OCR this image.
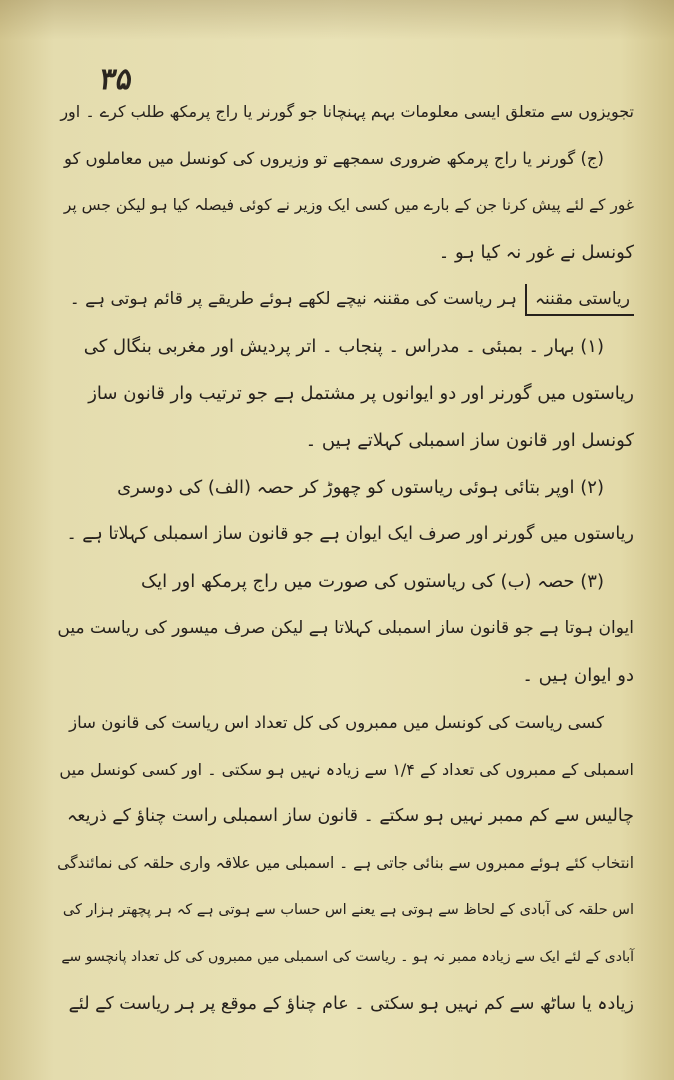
۳۵
تجویزوں سے متعلق ایسی معلومات بہم پہنچانا جو گورنر یا راج پرمکھ طلب کرے ۔ اور
(ج) گورنر یا راج پرمکھ ضروری سمجھے تو وزیروں کی کونسل میں معاملوں کو
غور کے لئے پیش کرنا جن کے بارے میں کسی ایک وزیر نے کوئی فیصلہ کیا ہو لیکن جس پر
کونسل نے غور نہ کیا ہو ۔
ریاستی مقننہہر ریاست کی مقننہ نیچے لکھے ہوئے طریقے پر قائم ہوتی ہے ۔
(۱) بہار ۔ بمبئی ۔ مدراس ۔ پنجاب ۔ اتر پردیش اور مغربی بنگال کی
ریاستوں میں گورنر اور دو ایوانوں پر مشتمل ہے جو ترتیب وار قانون ساز
کونسل اور قانون ساز اسمبلی کہلاتے ہیں ۔
(۲) اوپر بتائی ہوئی ریاستوں کو چھوڑ کر حصہ (الف) کی دوسری
ریاستوں میں گورنر اور صرف ایک ایوان ہے جو قانون ساز اسمبلی کہلاتا ہے ۔
(۳) حصہ (ب) کی ریاستوں کی صورت میں راج پرمکھ اور ایک
ایوان ہوتا ہے جو قانون ساز اسمبلی کہلاتا ہے لیکن صرف میسور کی ریاست میں
دو ایوان ہیں ۔
کسی ریاست کی کونسل میں ممبروں کی کل تعداد اس ریاست کی قانون ساز
اسمبلی کے ممبروں کی تعداد کے ۱/۴ سے زیادہ نہیں ہو سکتی ۔ اور کسی کونسل میں
چالیس سے کم ممبر نہیں ہو سکتے ۔ قانون ساز اسمبلی راست چناؤ کے ذریعہ
انتخاب کئے ہوئے ممبروں سے بنائی جاتی ہے ۔ اسمبلی میں علاقہ واری حلقہ کی نمائندگی
اس حلقہ کی آبادی کے لحاظ سے ہوتی ہے یعنے اس حساب سے ہوتی ہے کہ ہر پچھتر ہزار کی
آبادی کے لئے ایک سے زیادہ ممبر نہ ہو ۔ ریاست کی اسمبلی میں ممبروں کی کل تعداد پانچسو سے
زیادہ یا ساٹھ سے کم نہیں ہو سکتی ۔ عام چناؤ کے موقع پر ہر ریاست کے لئے
